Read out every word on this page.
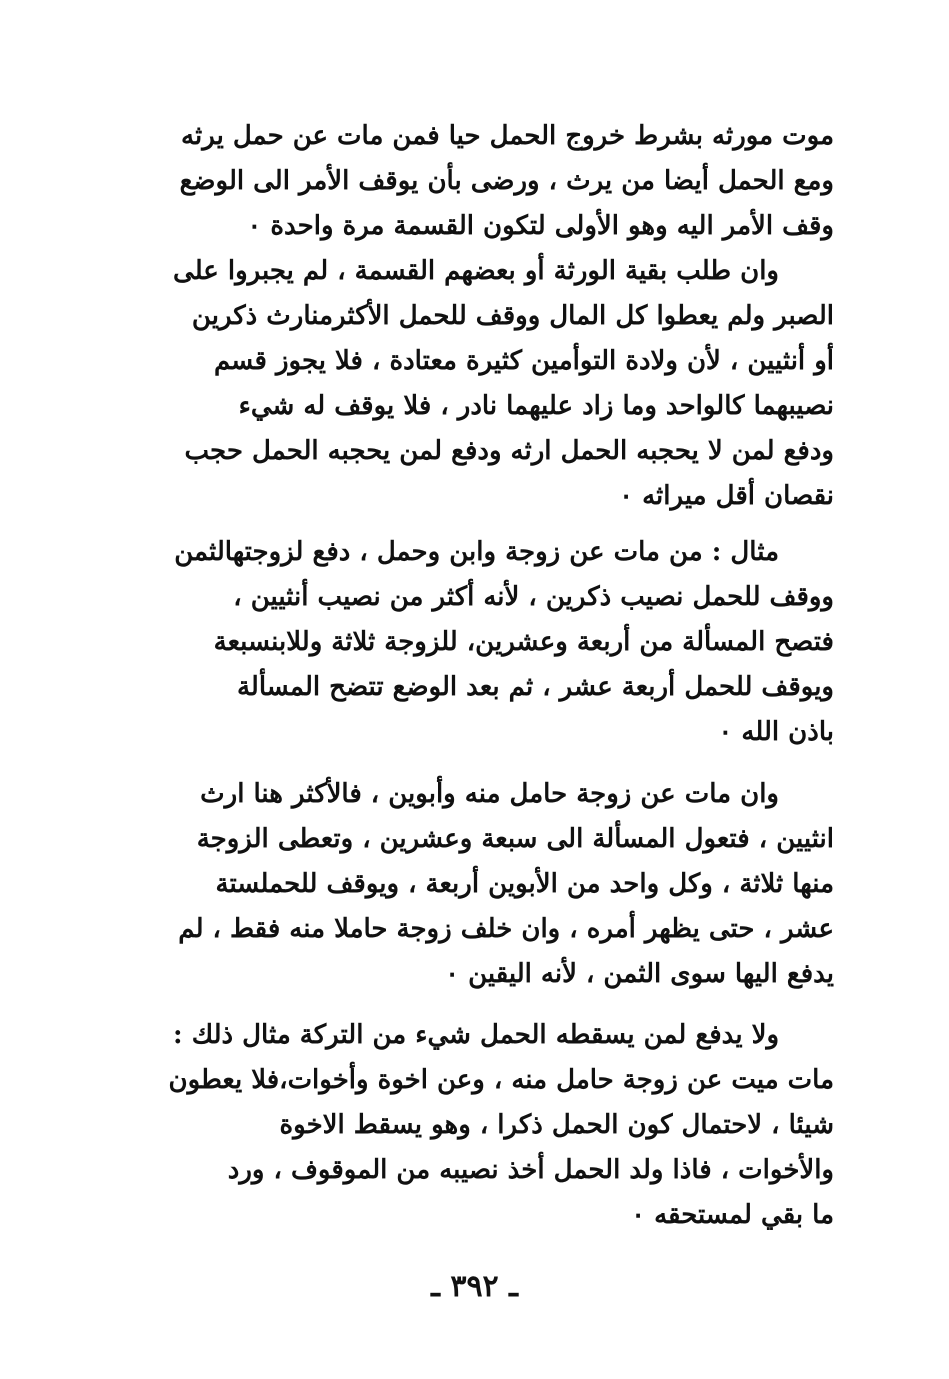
موت مورثه بشرط خروج الحمل حيا فمن مات عن حمل يرثه
ومع الحمل أيضا من يرث ، ورضى بأن يوقف الأمر الى الوضع
وقف الأمر اليه وهو الأولى لتكون القسمة مرة واحدة ٠
وان طلب بقية الورثة أو بعضهم القسمة ، لم يجبروا على
الصبر ولم يعطوا كل المال ووقف للحمل الأكثرمنارث ذكرين
أو أنثيين ، لأن ولادة التوأمين كثيرة معتادة ، فلا يجوز قسم
نصيبهما كالواحد وما زاد عليهما نادر ، فلا يوقف له شيء
ودفع لمن لا يحجبه الحمل ارثه ودفع لمن يحجبه الحمل حجب
نقصان أقل ميراثه ٠
مثال : من مات عن زوجة وابن وحمل ، دفع لزوجتهالثمن
ووقف للحمل نصيب ذكرين ، لأنه أكثر من نصيب أنثيين ،
فتصح المسألة من أربعة وعشرين، للزوجة ثلاثة وللابنسبعة
ويوقف للحمل أربعة عشر ، ثم بعد الوضع تتضح المسألة
باذن الله ٠
وان مات عن زوجة حامل منه وأبوين ، فالأكثر هنا ارث
انثيين ، فتعول المسألة الى سبعة وعشرين ، وتعطى الزوجة
منها ثلاثة ، وكل واحد من الأبوين أربعة ، ويوقف للحملستة
عشر ، حتى يظهر أمره ، وان خلف زوجة حاملا منه فقط ، لم
يدفع اليها سوى الثمن ، لأنه اليقين ٠
ولا يدفع لمن يسقطه الحمل شيء من التركة مثال ذلك :
مات ميت عن زوجة حامل منه ، وعن اخوة وأخوات،فلا يعطون
شيئا ، لاحتمال كون الحمل ذكرا ، وهو يسقط الاخوة
والأخوات ، فاذا ولد الحمل أخذ نصيبه من الموقوف ، ورد
ما بقي لمستحقه ٠
ـ ٣٩٢ ـ
